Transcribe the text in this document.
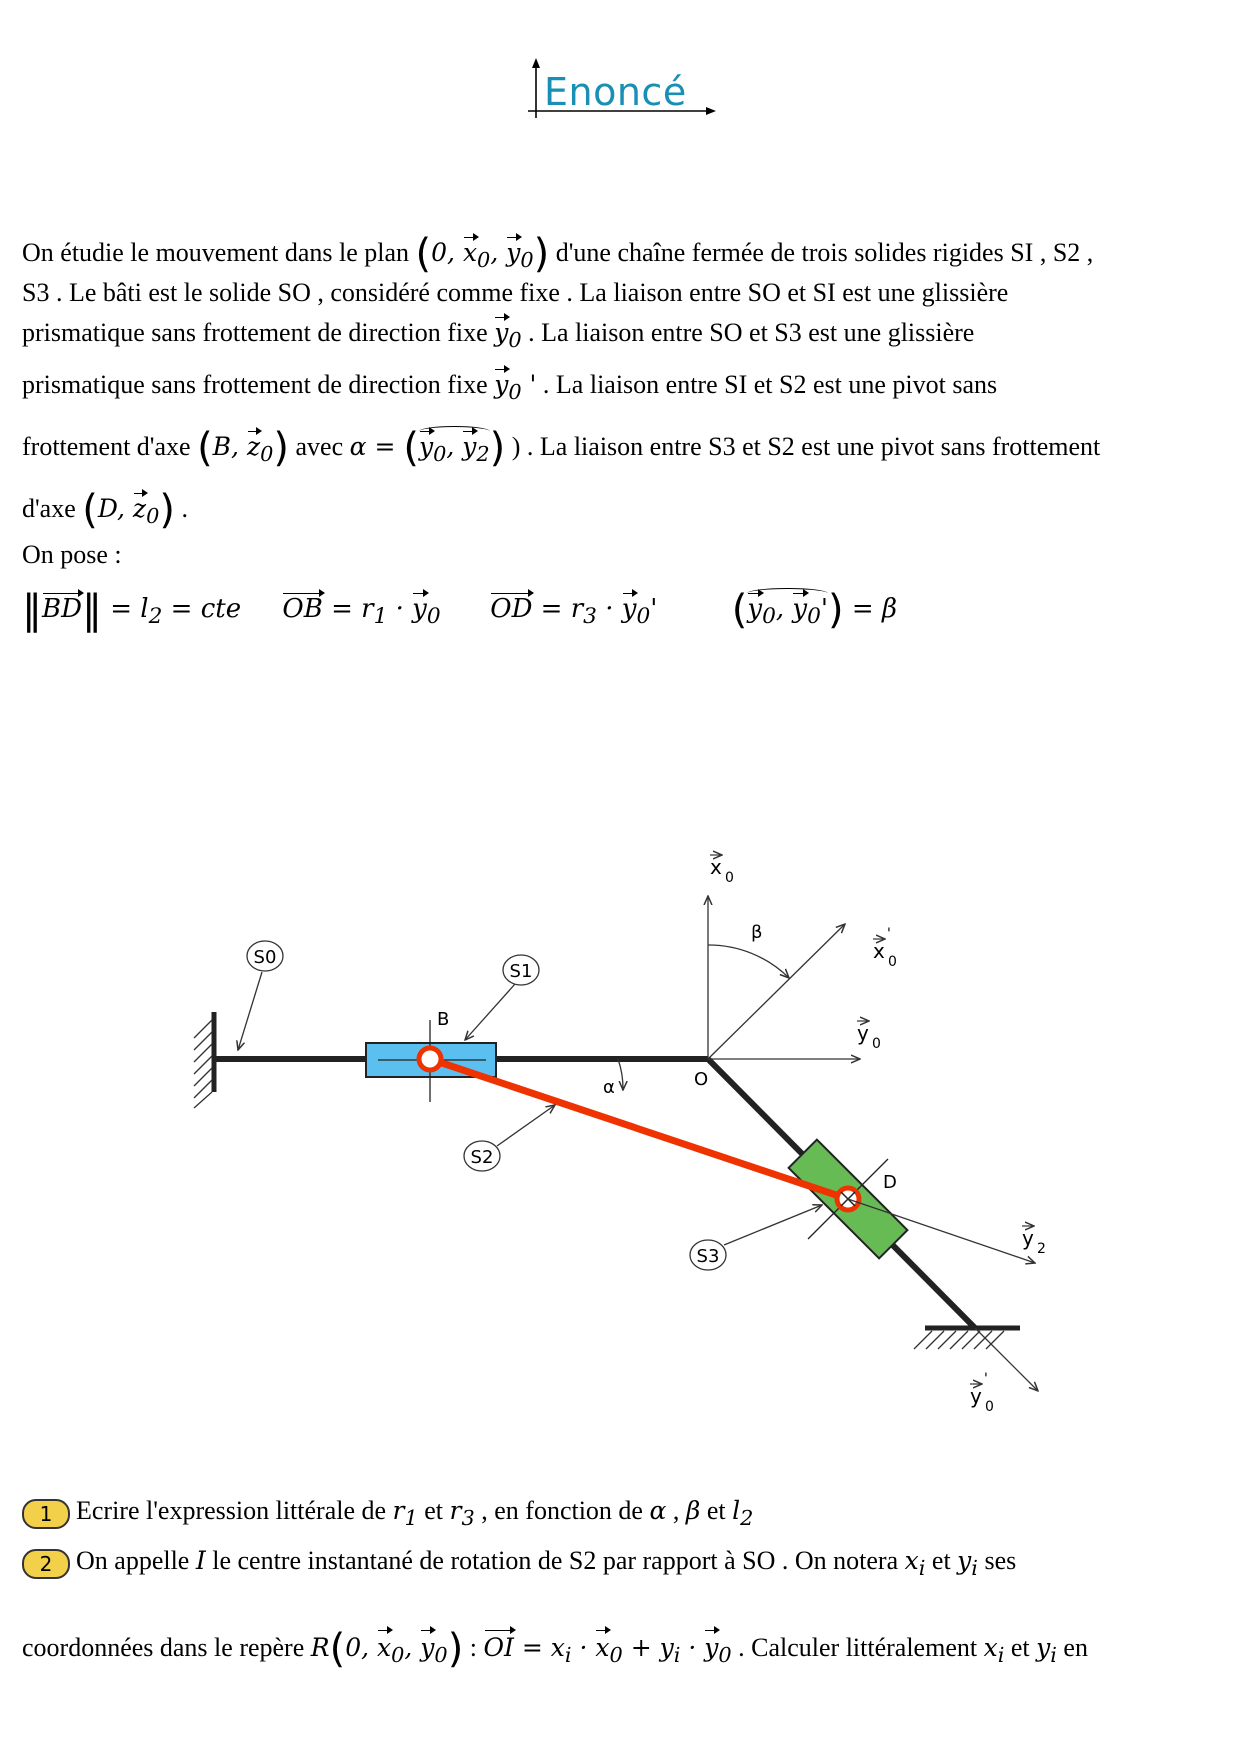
Enoncé
On étudie le mouvement dans le plan (0, $x_0$, $y_0$) d'une chaîne fermée de trois solides rigides SI , S2 ,
S3 . Le bâti est le solide SO , considéré comme fixe . La liaison entre SO et SI est une glissière
prismatique sans frottement de direction fixe $y_0$ . La liaison entre SO et S3 est une glissière
prismatique sans frottement de direction fixe $y_0$ ' . La liaison entre SI et S2 est une pivot sans
frottement d'axe (B, $z_0$) avec $\alpha = (y_0$, $y_2$) ) . La liaison entre S3 et S2 est une pivot sans frottement
d'axe (D, $z_0$) .
On pose :
‖BD‖ = $l_2$ = cte     OB = $r_1 \cdot y_0$ OD = $r_3 \cdot y_0'$         ($y_0$, $y_0') = \beta$
S0
S1
S2
S3
B
O
D
α
β
x 0
x
'
0
y 0
y 2
y
'
0
1 Ecrire l'expression littérale de $r_1$ et $r_3$ , en fonction de α , β et $l_2$
2 On appelle I le centre instantané de rotation de S2 par rapport à SO . On notera $x_i$ et $y_i$ ses
coordonnées dans le repère R(0, $x_0$, $y_0$) : OI = $x_i \cdot x_0 + y_i \cdot y_0$ . Calculer littéralement $x_i$ et $y_i$ en
